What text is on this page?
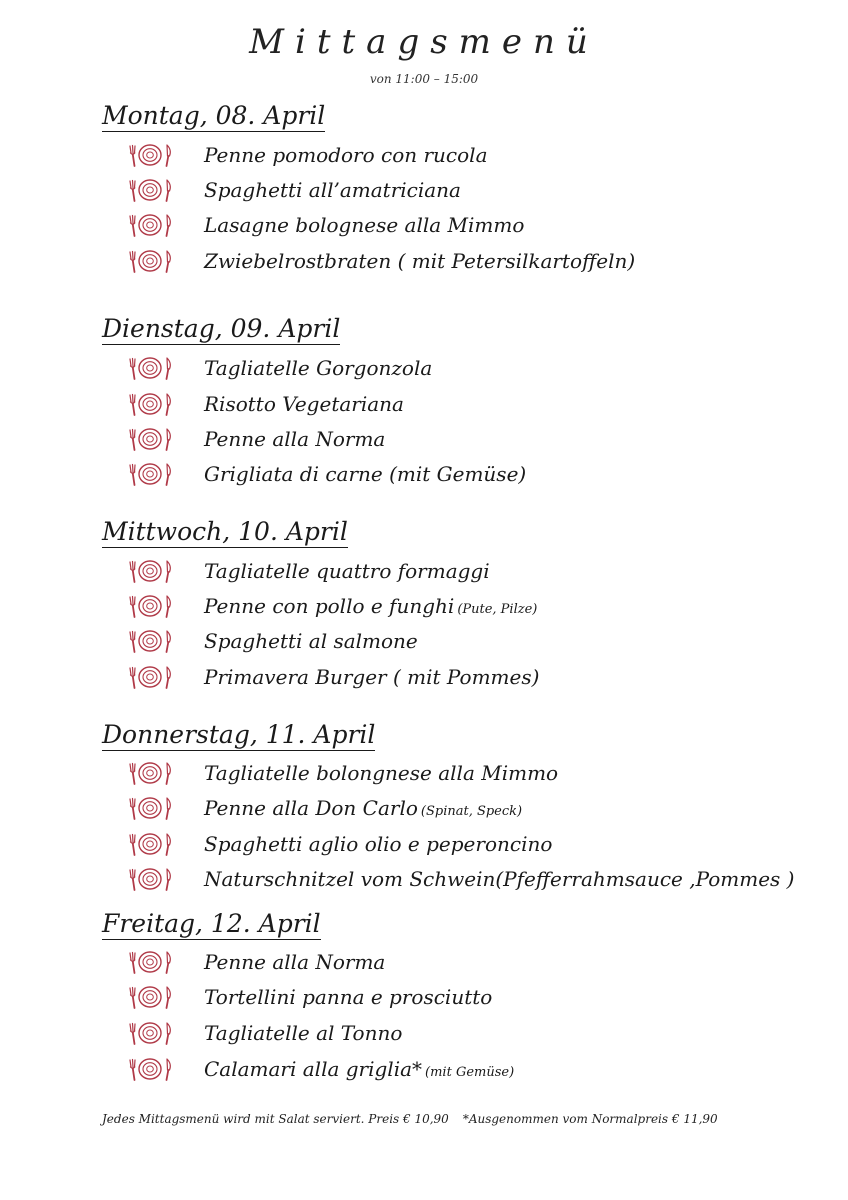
Mittagsmenü
von 11:00 – 15:00
Montag, 08. April
Penne pomodoro con rucola
Spaghetti all’amatriciana
Lasagne bolognese alla Mimmo
Zwiebelrostbraten ( mit Petersilkartoffeln)
Dienstag, 09. April
Tagliatelle Gorgonzola
Risotto Vegetariana
Penne alla Norma
Grigliata di carne (mit Gemüse)
Mittwoch, 10. April
Tagliatelle quattro formaggi
Penne con pollo e funghi (Pute, Pilze)
Spaghetti al salmone
Primavera Burger ( mit Pommes)
Donnerstag, 11. April
Tagliatelle bolongnese alla Mimmo
Penne alla Don Carlo (Spinat, Speck)
Spaghetti aglio olio e peperoncino
Naturschnitzel vom Schwein(Pfefferrahmsauce ,Pommes )
Freitag, 12. April
Penne alla Norma
Tortellini panna e prosciutto
Tagliatelle al Tonno
Calamari alla griglia* (mit Gemüse)
Jedes Mittagsmenü wird mit Salat serviert. Preis € 10,90 *Ausgenommen vom Normalpreis € 11,90
